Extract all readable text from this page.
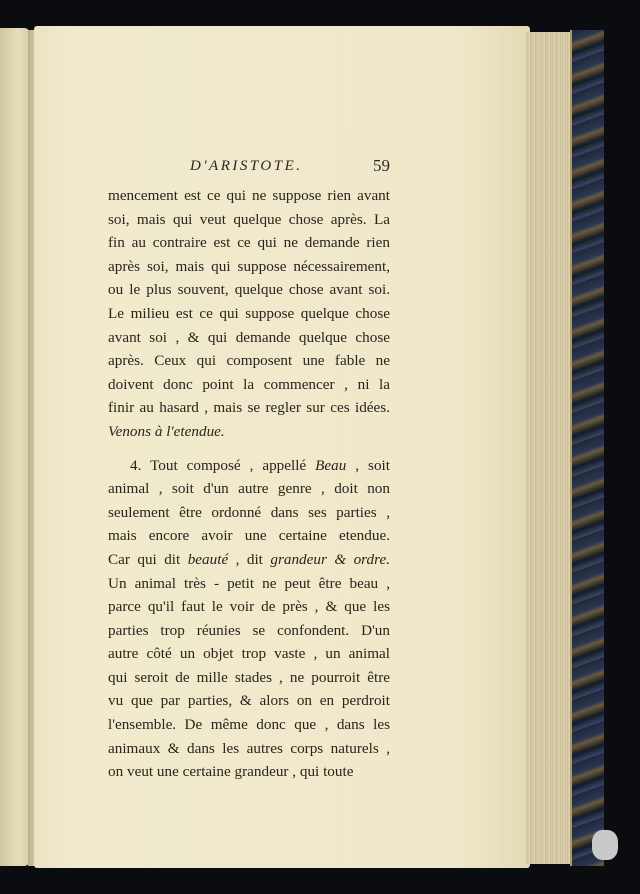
D'ARISTOTE.	59
mencement est ce qui ne suppose rien avant
soi, mais qui veut quelque chose après. La
fin au contraire est ce qui ne demande rien
après soi, mais qui suppose nécessairement,
ou le plus souvent, quelque chose avant soi.
Le milieu est ce qui suppose quelque chose
avant soi , & qui demande quelque chose
après. Ceux qui composent une fable ne
doivent donc point la commencer , ni la
finir au hasard , mais se regler sur ces idées.
Venons à l'etendue.
4. Tout composé , appellé Beau , soit
animal , soit d'un autre genre , doit non
seulement être ordonné dans ses parties ,
mais encore avoir une certaine etendue.
Car qui dit beauté , dit grandeur & ordre.
Un animal très - petit ne peut être beau ,
parce qu'il faut le voir de près , & que les
parties trop réunies se confondent. D'un
autre côté un objet trop vaste , un animal
qui seroit de mille stades , ne pourroit être
vu que par parties, & alors on en perdroit
l'ensemble. De même donc que , dans les
animaux & dans les autres corps naturels ,
on veut une certaine grandeur , qui toute
